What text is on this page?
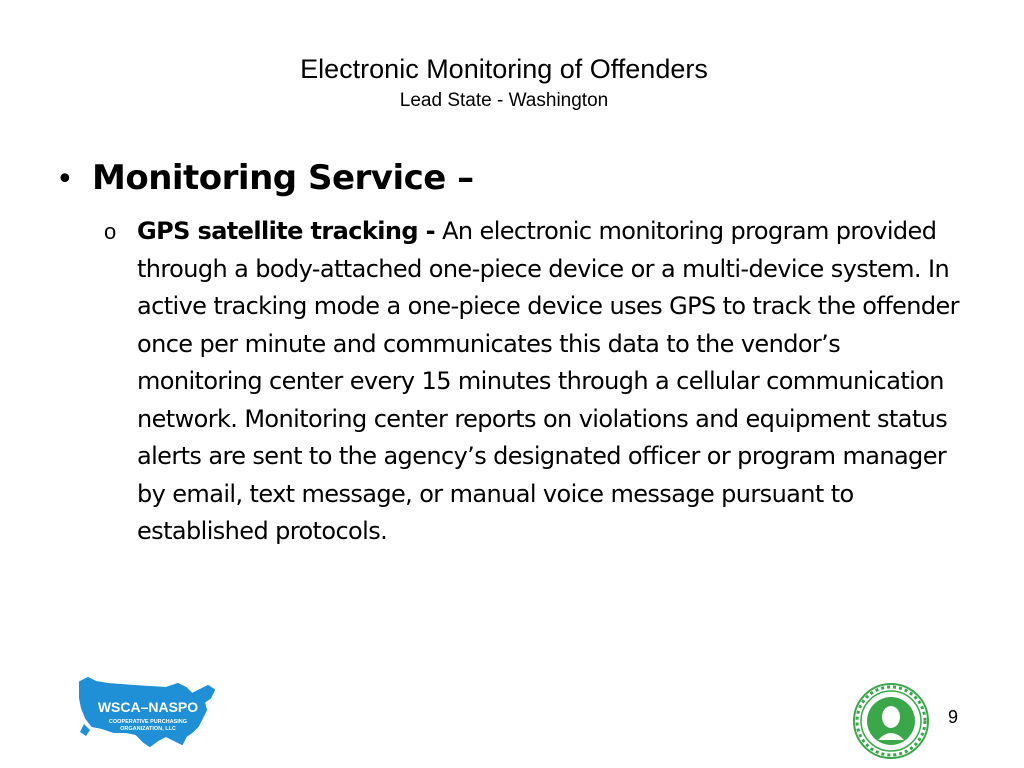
Electronic Monitoring of Offenders
Lead State - Washington
• Monitoring Service –
o GPS satellite tracking - An electronic monitoring program provided through a body-attached one-piece device or a multi-device system. In active tracking mode a one-piece device uses GPS to track the offender once per minute and communicates this data to the vendor’s monitoring center every 15 minutes through a cellular communication network. Monitoring center reports on violations and equipment status alerts are sent to the agency’s designated officer or program manager by email, text message, or manual voice message pursuant to established protocols.
WSCA–NASPO
COOPERATIVE PURCHASING
ORGANIZATION, LLC
9
